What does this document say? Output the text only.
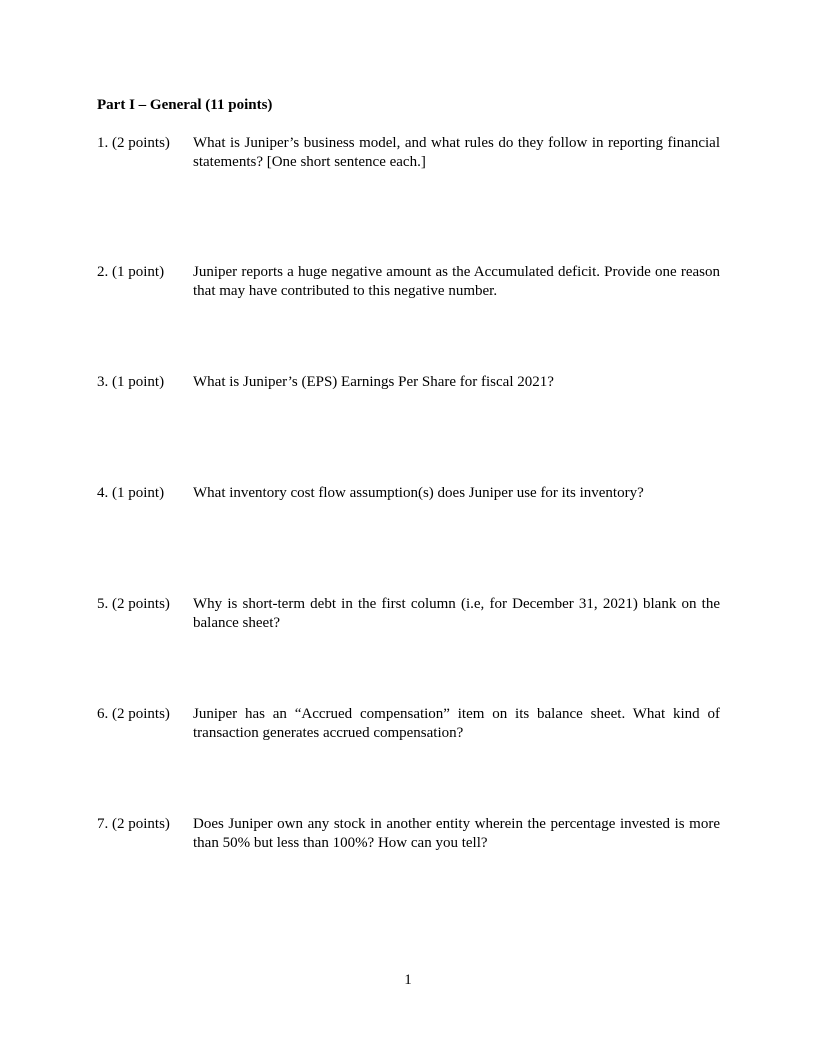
Part I – General (11 points)
1. (2 points) What is Juniper’s business model, and what rules do they follow in reporting financial statements? [One short sentence each.]
2. (1 point) Juniper reports a huge negative amount as the Accumulated deficit. Provide one reason that may have contributed to this negative number.
3. (1 point) What is Juniper’s (EPS) Earnings Per Share for fiscal 2021?
4. (1 point) What inventory cost flow assumption(s) does Juniper use for its inventory?
5. (2 points) Why is short-term debt in the first column (i.e, for December 31, 2021) blank on the balance sheet?
6. (2 points) Juniper has an “Accrued compensation” item on its balance sheet. What kind of transaction generates accrued compensation?
7. (2 points) Does Juniper own any stock in another entity wherein the percentage invested is more than 50% but less than 100%? How can you tell?
1
